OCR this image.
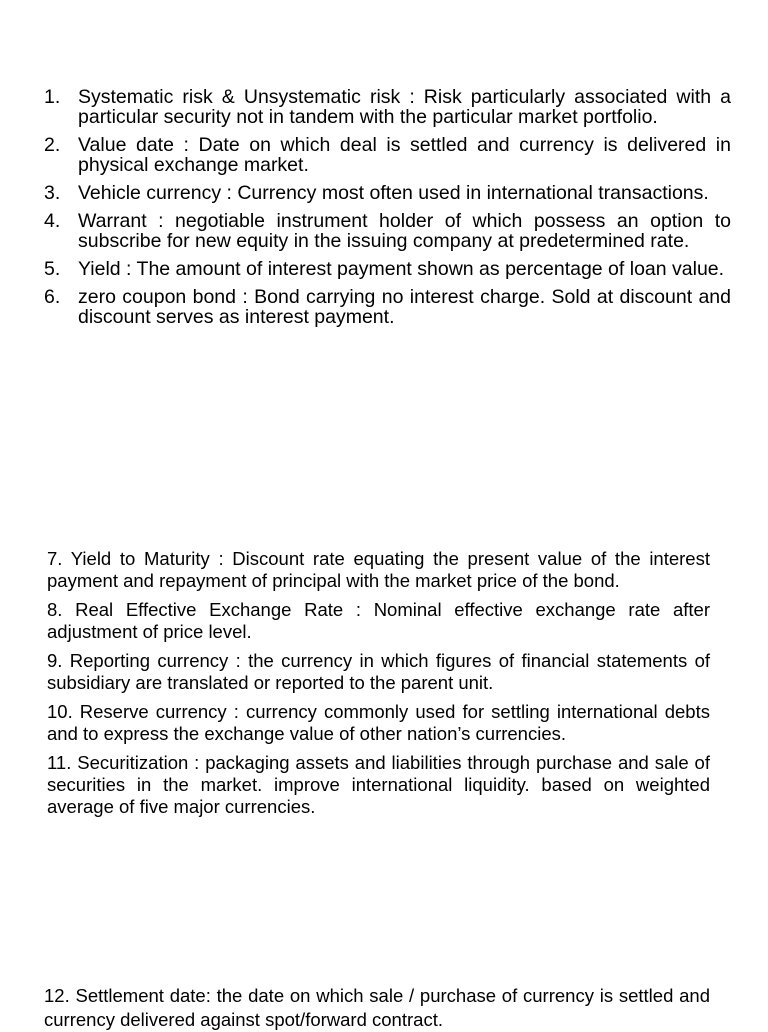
1. Systematic risk & Unsystematic risk : Risk particularly associated with a particular security not in tandem with the particular market portfolio.
2. Value date : Date on which deal is settled and currency is delivered in physical exchange market.
3. Vehicle currency : Currency most often used in international transactions.
4. Warrant : negotiable instrument holder of which possess an option to subscribe for new equity in the issuing company at predetermined rate.
5. Yield : The amount of interest payment shown as percentage of loan value.
6. zero coupon bond : Bond carrying no interest charge. Sold at discount and discount serves as interest payment.

7. Yield to Maturity : Discount rate equating the present value of the interest payment and repayment of principal with the market price of the bond.

8. Real Effective Exchange Rate : Nominal effective exchange rate after adjustment of price level.

9. Reporting currency : the currency in which figures of financial statements of subsidiary are translated or reported to the parent unit.

10. Reserve currency : currency commonly used for settling international debts and to express the exchange value of other nation’s currencies.

11. Securitization : packaging assets and liabilities through purchase and sale of securities in the market. improve international liquidity. based on weighted average of five major currencies.

12. Settlement date: the date on which sale / purchase of currency is settled and currency delivered against spot/forward contract.
